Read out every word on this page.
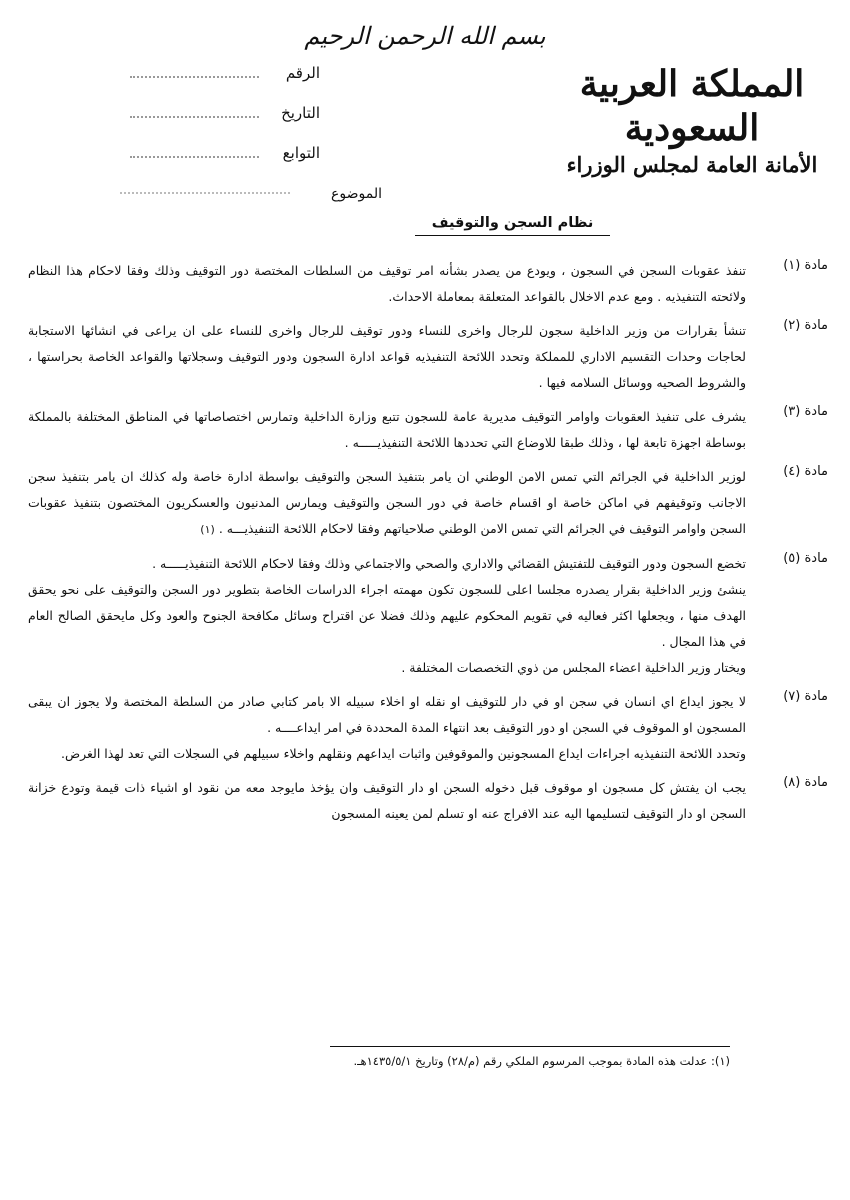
بسم الله الرحمن الرحيم
المملكة العربية السعودية
الأمانة العامة لمجلس الوزراء
الرقم
التاريخ
التوابع
الموضوع
نظام السجن والتوقيف
مادة (١)
تنفذ عقوبات السجن في السجون ، ويودع من يصدر بشأنه امر توقيف من السلطات المختصة دور التوقيف وذلك وفقا لاحكام هذا النظام ولائحته التنفيذيه . ومع عدم الاخلال بالقواعد المتعلقة بمعاملة الاحداث.
مادة (٢)
تنشأ بقرارات من وزير الداخلية سجون للرجال واخرى للنساء ودور توقيف للرجال واخرى للنساء على ان يراعى في انشائها الاستجابة لحاجات وحدات التقسيم الاداري للمملكة وتحدد اللائحة التنفيذيه قواعد ادارة السجون ودور التوقيف وسجلاتها والقواعد الخاصة بحراستها ، والشروط الصحيه ووسائل السلامه فيها .
مادة (٣)
يشرف على تنفيذ العقوبات واوامر التوقيف مديرية عامة للسجون تتبع وزارة الداخلية وتمارس اختصاصاتها في المناطق المختلفة بالمملكة بوساطة اجهزة تابعة لها ، وذلك طبقا للاوضاع التي تحددها اللائحة التنفيذيـــــه .
مادة (٤)
لوزير الداخلية في الجرائم التي تمس الامن الوطني ان يامر بتنفيذ السجن والتوقيف بواسطة ادارة خاصة وله كذلك ان يامر بتنفيذ سجن الاجانب وتوقيفهم في اماكن خاصة او اقسام خاصة في دور السجن والتوقيف ويمارس المدنيون والعسكريون المختصون بتنفيذ عقوبات السجن واوامر التوقيف في الجرائم التي تمس الامن الوطني صلاحياتهم وفقا لاحكام اللائحة التنفيذيـــه .(١)
مادة (٥)
تخضع السجون ودور التوقيف للتفتيش القضائي والاداري والصحي والاجتماعي وذلك وفقا لاحكام اللائحة التنفيذيـــــه .
ينشئ وزير الداخلية بقرار يصدره مجلسا اعلى للسجون تكون مهمته اجراء الدراسات الخاصة بتطوير دور السجن والتوقيف على نحو يحقق الهدف منها ، ويجعلها اكثر فعاليه في تقويم المحكوم عليهم وذلك فضلا عن اقتراح وسائل مكافحة الجنوح والعود وكل مايحقق الصالح العام في هذا المجال .
ويختار وزير الداخلية اعضاء المجلس من ذوي التخصصات المختلفة .
مادة (٧)
لا يجوز ايداع اي انسان في سجن او في دار للتوقيف او نقله او اخلاء سبيله الا بامر كتابي صادر من السلطة المختصة ولا يجوز ان يبقى المسجون او الموقوف في السجن او دور التوقيف بعد انتهاء المدة المحددة في امر ايداعــــه .
وتحدد اللائحة التنفيذيه اجراءات ايداع المسجونين والموقوفين واثبات ايداعهم ونقلهم واخلاء سبيلهم في السجلات التي تعد لهذا الغرض.
مادة (٨)
يجب ان يفتش كل مسجون او موقوف قبل دخوله السجن او دار التوقيف وان يؤخذ مايوجد معه من نقود او اشياء ذات قيمة وتودع خزانة السجن او دار التوقيف لتسليمها اليه عند الافراج عنه او تسلم لمن يعينه المسجون
(١): عدلت هذه المادة بموجب المرسوم الملكي رقم (م/٢٨) وتاريخ ١٤٣٥/٥/١هـ.
